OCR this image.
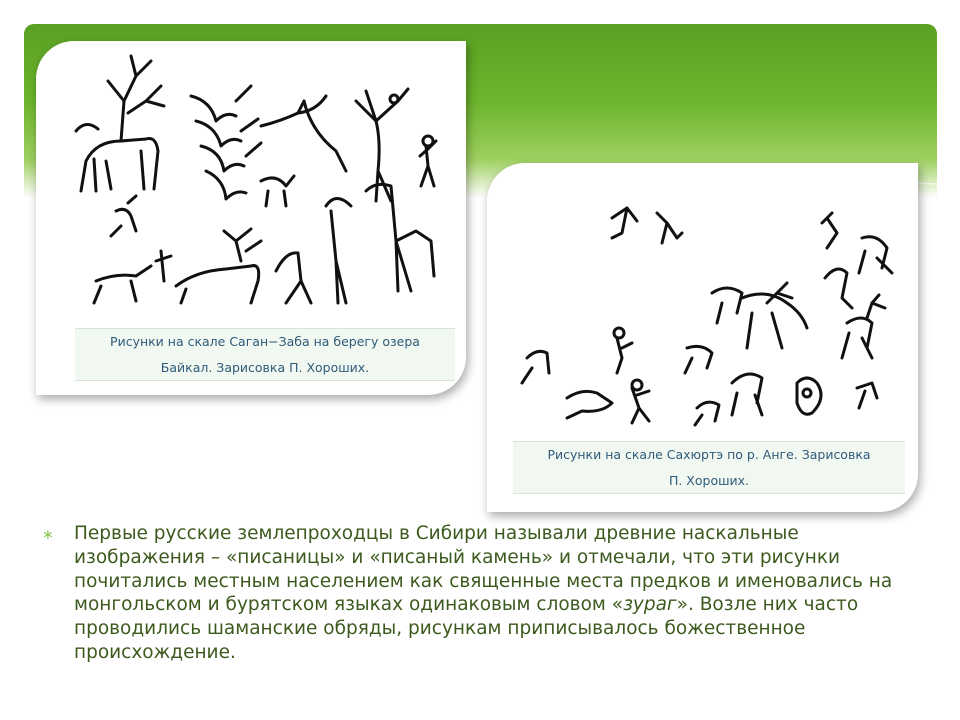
Рисунки на скале Саган−Заба на берегу озера
Байкал. Зарисовка П. Хороших.
Рисунки на скале Сахюртэ по р. Анге. Зарисовка
П. Хороших.
∗ Первые русские землепроходцы в Сибири называли древние наскальные изображения – «писаницы» и «писаный камень» и отмечали, что эти рисунки почитались местным населением как священные места предков и именовались на монгольском и бурятском языках одинаковым словом «зураг». Возле них часто проводились шаманские обряды, рисункам приписывалось божественное происхождение.
